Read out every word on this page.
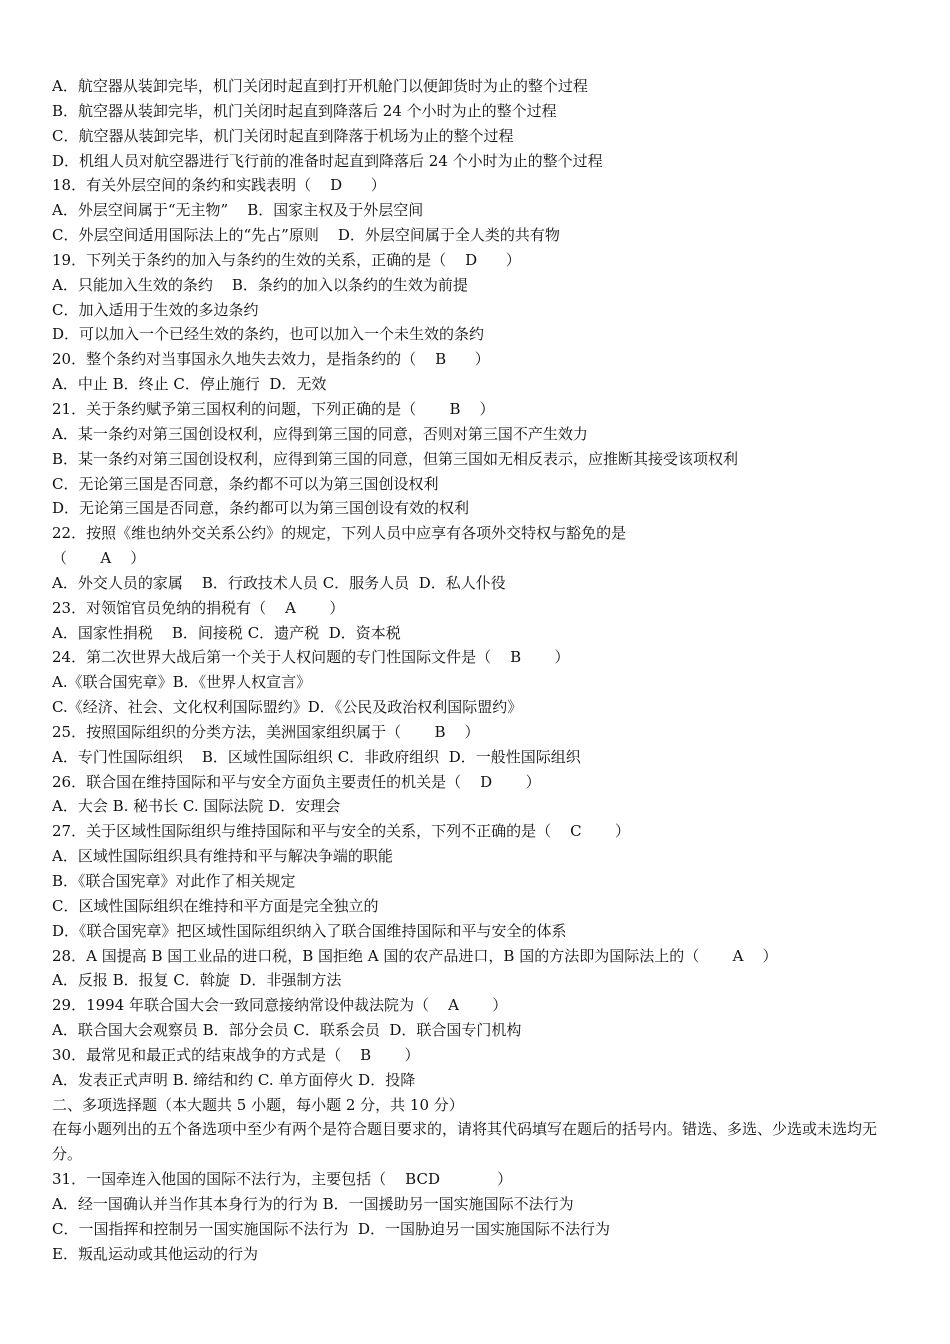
A．航空器从装卸完毕，机门关闭时起直到打开机舱门以便卸货时为止的整个过程
B．航空器从装卸完毕，机门关闭时起直到降落后 24 个小时为止的整个过程
C．航空器从装卸完毕，机门关闭时起直到降落于机场为止的整个过程
D．机组人员对航空器进行飞行前的准备时起直到降落后 24 个小时为止的整个过程
18．有关外层空间的条约和实践表明（    D      ）
A．外层空间属于“无主物”    B．国家主权及于外层空间
C．外层空间适用国际法上的“先占”原则    D．外层空间属于全人类的共有物
19．下列关于条约的加入与条约的生效的关系，正确的是（    D      ）
A．只能加入生效的条约    B．条约的加入以条约的生效为前提
C．加入适用于生效的多边条约
D．可以加入一个已经生效的条约，也可以加入一个未生效的条约
20．整个条约对当事国永久地失去效力，是指条约的（    B      ）
A．中止 B．终止 C．停止施行  D．无效
21．关于条约赋予第三国权利的问题，下列正确的是（       B    ）
A．某一条约对第三国创设权利，应得到第三国的同意，否则对第三国不产生效力
B．某一条约对第三国创设权利，应得到第三国的同意，但第三国如无相反表示，应推断其接受该项权利
C．无论第三国是否同意，条约都不可以为第三国创设权利
D．无论第三国是否同意，条约都可以为第三国创设有效的权利
22．按照《维也纳外交关系公约》的规定，下列人员中应享有各项外交特权与豁免的是
（       A    ）
A．外交人员的家属    B．行政技术人员 C．服务人员  D．私人仆役
23．对领馆官员免纳的捐税有（    A       ）
A．国家性捐税    B．间接税 C．遗产税  D．资本税
24．第二次世界大战后第一个关于人权问题的专门性国际文件是（    B       ）
A.《联合国宪章》B．《世界人权宣言》
C.《经济、社会、文化权利国际盟约》D．《公民及政治权利国际盟约》
25．按照国际组织的分类方法，美洲国家组织属于（       B    ）
A．专门性国际组织    B．区域性国际组织 C．非政府组织  D．一般性国际组织
26．联合国在维持国际和平与安全方面负主要责任的机关是（    D       ）
A．大会 B. 秘书长 C. 国际法院 D．安理会
27．关于区域性国际组织与维持国际和平与安全的关系，下列不正确的是（    C       ）
A．区域性国际组织具有维持和平与解决争端的职能
B．《联合国宪章》对此作了相关规定
C．区域性国际组织在维持和平方面是完全独立的
D．《联合国宪章》把区域性国际组织纳入了联合国维持国际和平与安全的体系
28．A 国提高 B 国工业品的进口税，B 国拒绝 A 国的农产品进口，B 国的方法即为国际法上的（       A    ）
A．反报 B．报复 C．斡旋  D．非强制方法
29．1994 年联合国大会一致同意接纳常设仲裁法院为（    A       ）
A．联合国大会观察员 B．部分会员 C．联系会员  D．联合国专门机构
30．最常见和最正式的结束战争的方式是（    B       ）
A．发表正式声明 B. 缔结和约 C. 单方面停火 D．投降
二、多项选择题（本大题共 5 小题，每小题 2 分，共 10 分）
在每小题列出的五个备选项中至少有两个是符合题目要求的，请将其代码填写在题后的括号内。错选、多选、少选或未选均无分。
31．一国牵连入他国的国际不法行为，主要包括（    BCD            ）
A．经一国确认并当作其本身行为的行为 B．一国援助另一国实施国际不法行为
C．一国指挥和控制另一国实施国际不法行为  D．一国胁迫另一国实施国际不法行为
E．叛乱运动或其他运动的行为
